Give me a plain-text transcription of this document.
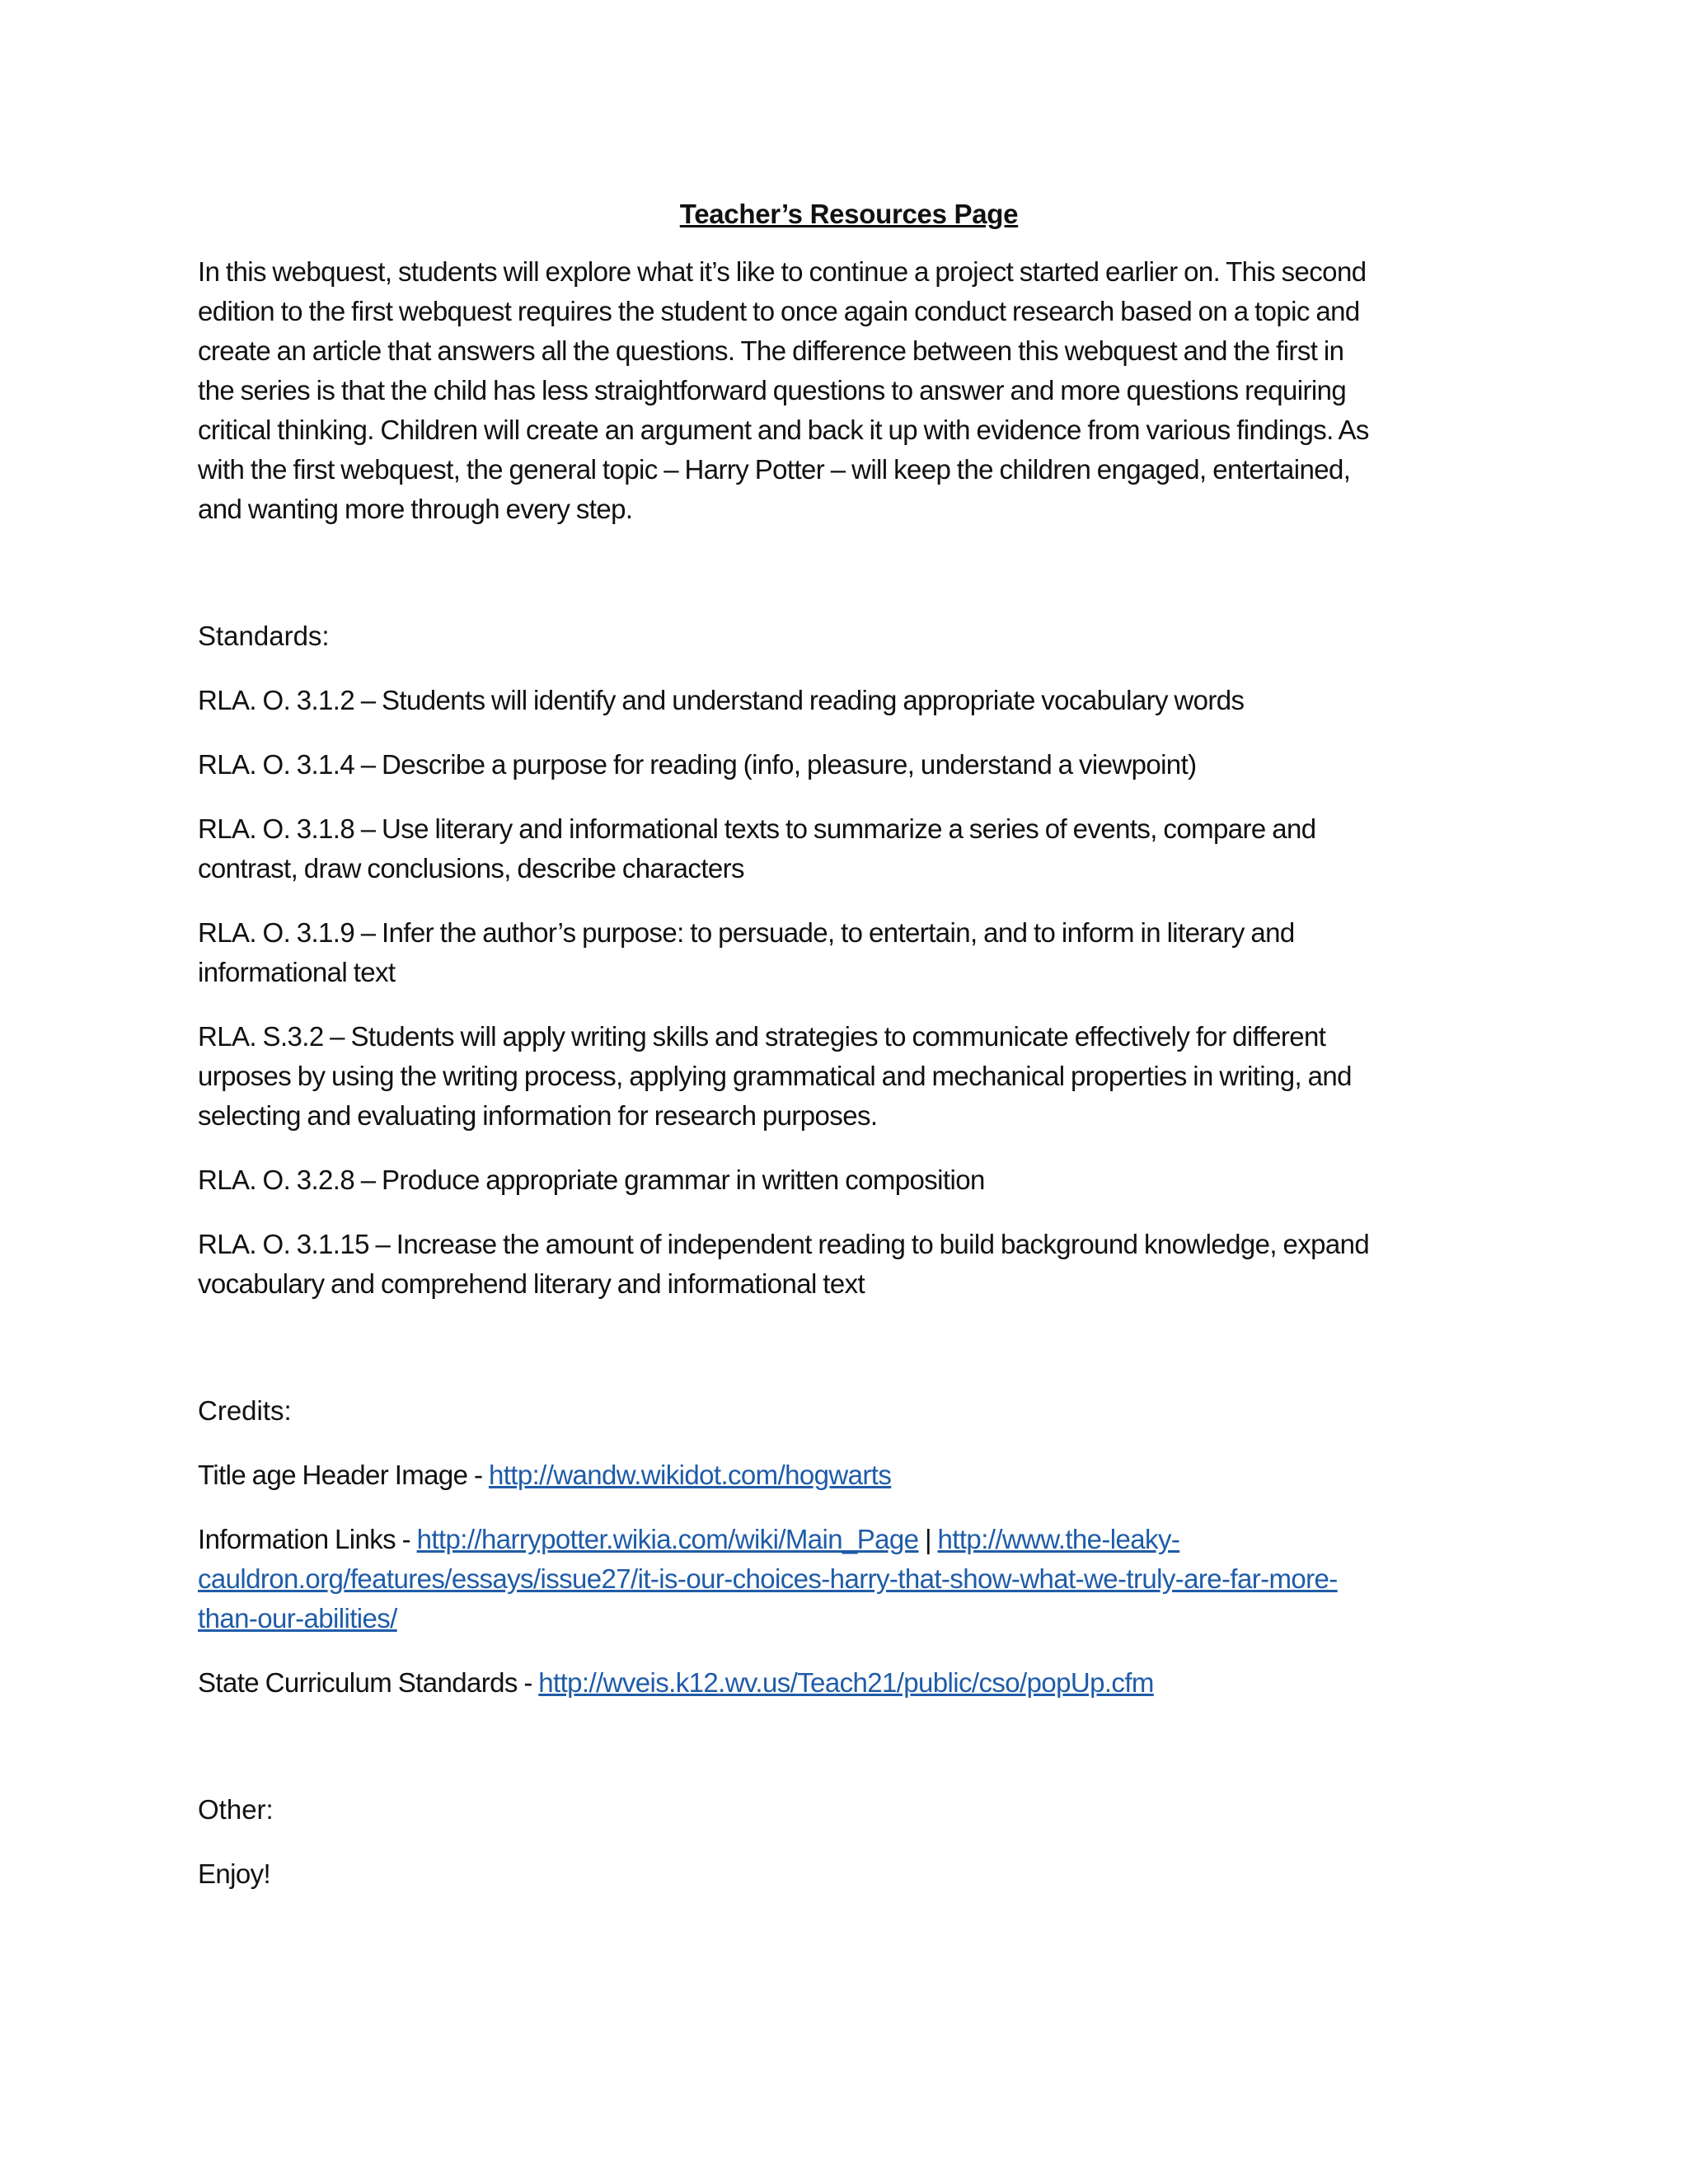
Teacher’s Resources Page

In this webquest, students will explore what it’s like to continue a project started earlier on. This second
edition to the first webquest requires the student to once again conduct research based on a topic and
create an article that answers all the questions. The difference between this webquest and the first in
the series is that the child has less straightforward questions to answer and more questions requiring
critical thinking. Children will create an argument and back it up with evidence from various findings. As
with the first webquest, the general topic – Harry Potter – will keep the children engaged, entertained,
and wanting more through every step.

Standards:

RLA. O. 3.1.2 – Students will identify and understand reading appropriate vocabulary words

RLA. O. 3.1.4 – Describe a purpose for reading (info, pleasure, understand a viewpoint)

RLA. O. 3.1.8 – Use literary and informational texts to summarize a series of events, compare and
contrast, draw conclusions, describe characters

RLA. O. 3.1.9 – Infer the author’s purpose: to persuade, to entertain, and to inform in literary and
informational text

RLA. S.3.2 – Students will apply writing skills and strategies to communicate effectively for different
urposes by using the writing process, applying grammatical and mechanical properties in writing, and
selecting and evaluating information for research purposes.

RLA. O. 3.2.8 – Produce appropriate grammar in written composition

RLA. O. 3.1.15 – Increase the amount of independent reading to build background knowledge, expand
vocabulary and comprehend literary and informational text

Credits:

Title age Header Image - http://wandw.wikidot.com/hogwarts

Information Links - http://harrypotter.wikia.com/wiki/Main_Page | http://www.the-leaky-
cauldron.org/features/essays/issue27/it-is-our-choices-harry-that-show-what-we-truly-are-far-more-
than-our-abilities/

State Curriculum Standards - http://wveis.k12.wv.us/Teach21/public/cso/popUp.cfm

Other:

Enjoy!
